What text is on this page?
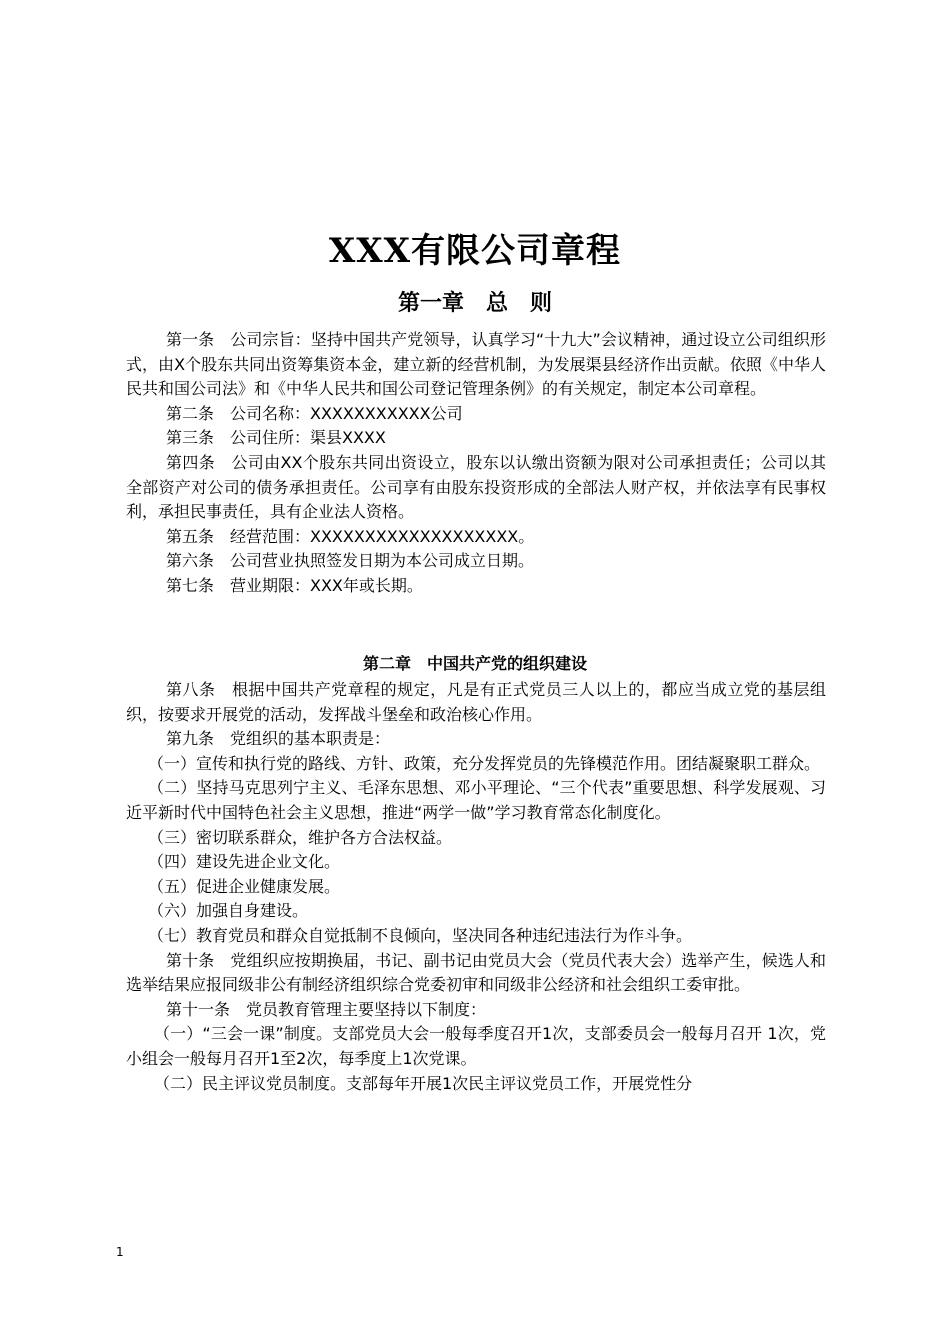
XXX有限公司章程
第一章　总　则

第一条　公司宗旨：坚持中国共产党领导，认真学习“十九大”会议精神，通过设立公司组织形式，由X个股东共同出资筹集资本金，建立新的经营机制，为发展渠县经济作出贡献。依照《中华人民共和国公司法》和《中华人民共和国公司登记管理条例》的有关规定，制定本公司章程。

第二条　公司名称：XXXXXXXXXXX公司

第三条　公司住所：渠县XXXX

第四条　公司由XX个股东共同出资设立，股东以认缴出资额为限对公司承担责任；公司以其全部资产对公司的债务承担责任。公司享有由股东投资形成的全部法人财产权，并依法享有民事权利，承担民事责任，具有企业法人资格。

第五条　经营范围：XXXXXXXXXXXXXXXXXXX。

第六条　公司营业执照签发日期为本公司成立日期。

第七条　营业期限：XXX年或长期。

第二章　中国共产党的组织建设

第八条　根据中国共产党章程的规定，凡是有正式党员三人以上的，都应当成立党的基层组织，按要求开展党的活动，发挥战斗堡垒和政治核心作用。

第九条　党组织的基本职责是：

（一）宣传和执行党的路线、方针、政策，充分发挥党员的先锋模范作用。团结凝聚职工群众。

（二）坚持马克思列宁主义、毛泽东思想、邓小平理论、“三个代表”重要思想、科学发展观、习近平新时代中国特色社会主义思想，推进“两学一做”学习教育常态化制度化。

（三）密切联系群众，维护各方合法权益。

（四）建设先进企业文化。

（五）促进企业健康发展。

（六）加强自身建设。

（七）教育党员和群众自觉抵制不良倾向，坚决同各种违纪违法行为作斗争。

第十条　党组织应按期换届，书记、副书记由党员大会（党员代表大会）选举产生，候选人和选举结果应报同级非公有制经济组织综合党委初审和同级非公经济和社会组织工委审批。

第十一条　党员教育管理主要坚持以下制度：

（一）“三会一课”制度。支部党员大会一般每季度召开1次，支部委员会一般每月召开 1次，党小组会一般每月召开1至2次，每季度上1次党课。

（二）民主评议党员制度。支部每年开展1次民主评议党员工作，开展党性分

1
